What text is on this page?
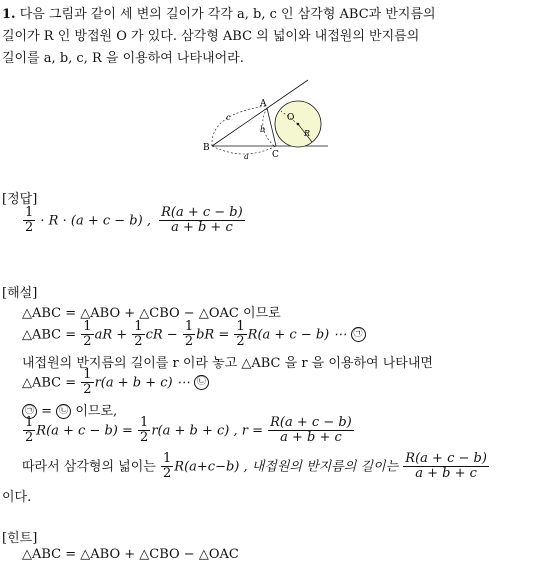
1. 다음 그림과 같이 세 변의 길이가 각각 a, b, c 인 삼각형 ABC과 반지름의
길이가 R 인 방접원 O 가 있다. 삼각형 ABC 의 넓이와 내접원의 반지름의
길이를 a, b, c, R 을 이용하여 나타내어라.
A
B
C
O
R
a
b
c
[정답]
$\frac{1}{2} \cdot R \cdot (a + c - b)$ , $\frac{R(a + c - b)}{a + b + c}$
[해설]
△ABC = △ABO + △CBO − △OAC 이므로
△ABC = $\frac{1}{2}$ aR + $\frac{1}{2}$ cR − $\frac{1}{2}$ bR = $\frac{1}{2} R(a + c - b)$ ⋯ ㉠
내접원의 반지름의 길이를 r 이라 놓고 △ABC 을 r 을 이용하여 나타내면
△ABC = $\frac{1}{2} r(a + b + c)$ ⋯ ㉡
㉠ = ㉡ 이므로,
$\frac{1}{2} R(a + c - b) = \frac{1}{2} r(a + b + c)$ , $r = \frac{R(a + c - b)}{a + b + c}$
따라서 삼각형의 넓이는 $\frac{1}{2} R(a+c-b)$ , 내접원의 반지름의 길이는 $\frac{R(a + c - b)}{a + b + c}$
이다.
[힌트]
△ABC = △ABO + △CBO − △OAC
